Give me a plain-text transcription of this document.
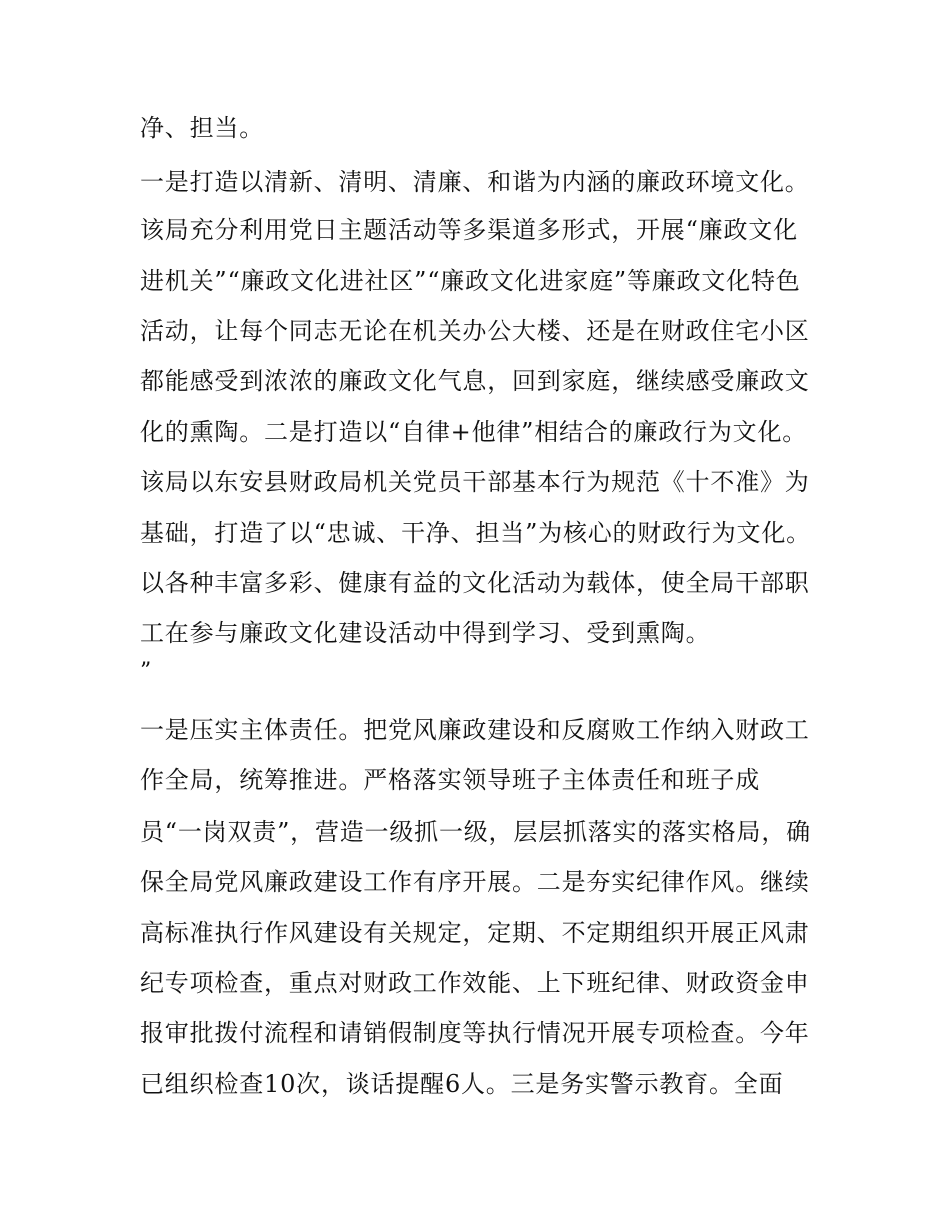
净、担当。
一是打造以清新、清明、清廉、和谐为内涵的廉政环境文化。
该局充分利用党日主题活动等多渠道多形式，开展“廉政文化
进机关”“廉政文化进社区”“廉政文化进家庭”等廉政文化特色
活动，让每个同志无论在机关办公大楼、还是在财政住宅小区
都能感受到浓浓的廉政文化气息，回到家庭，继续感受廉政文
化的熏陶。二是打造以“自律+他律”相结合的廉政行为文化。
该局以东安县财政局机关党员干部基本行为规范《十不准》为
基础，打造了以“忠诚、干净、担当”为核心的财政行为文化。
以各种丰富多彩、健康有益的文化活动为载体，使全局干部职
工在参与廉政文化建设活动中得到学习、受到熏陶。
”
一是压实主体责任。把党风廉政建设和反腐败工作纳入财政工
作全局，统筹推进。严格落实领导班子主体责任和班子成
员“一岗双责”，营造一级抓一级，层层抓落实的落实格局，确
保全局党风廉政建设工作有序开展。二是夯实纪律作风。继续
高标准执行作风建设有关规定，定期、不定期组织开展正风肃
纪专项检查，重点对财政工作效能、上下班纪律、财政资金申
报审批拨付流程和请销假制度等执行情况开展专项检查。今年
已组织检查10次，谈话提醒6人。三是务实警示教育。全面
